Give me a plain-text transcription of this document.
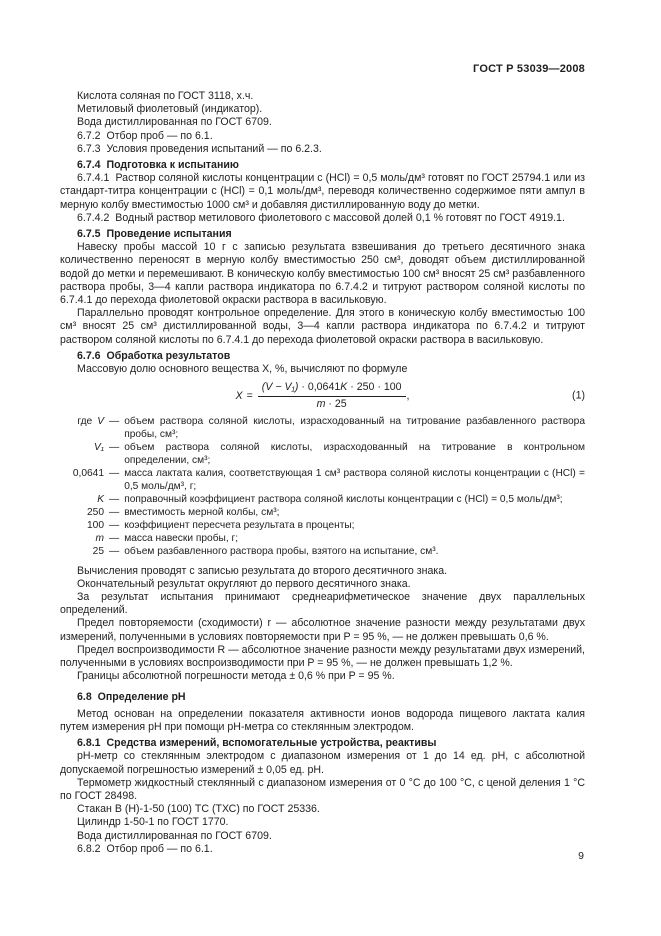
ГОСТ Р 53039—2008

Кислота соляная по ГОСТ 3118, х.ч.

Метиловый фиолетовый (индикатор).

Вода дистиллированная по ГОСТ 6709.

6.7.2  Отбор проб — по 6.1.

6.7.3  Условия проведения испытаний — по 6.2.3.

6.7.4  Подготовка к испытанию

6.7.4.1  Раствор соляной кислоты концентрации c (HCl) = 0,5 моль/дм³ готовят по ГОСТ 25794.1 или из стандарт-титра концентрации c (HCl) = 0,1 моль/дм³, переводя количественно содержимое пяти ампул в мерную колбу вместимостью 1000 см³ и добавляя дистиллированную воду до метки.

6.7.4.2  Водный раствор метилового фиолетового с массовой долей 0,1 % готовят по ГОСТ 4919.1.

6.7.5  Проведение испытания

Навеску пробы массой 10 г с записью результата взвешивания до третьего десятичного знака количественно переносят в мерную колбу вместимостью 250 см³, доводят объем дистиллированной водой до метки и перемешивают. В коническую колбу вместимостью 100 см³ вносят 25 см³ разбавленного раствора пробы, 3—4 капли раствора индикатора по 6.7.4.2 и титруют раствором соляной кислоты по 6.7.4.1 до перехода фиолетовой окраски раствора в васильковую.

Параллельно проводят контрольное определение. Для этого в коническую колбу вместимостью 100 см³ вносят 25 см³ дистиллированной воды, 3—4 капли раствора индикатора по 6.7.4.2 и титруют раствором соляной кислоты по 6.7.4.1 до перехода фиолетовой окраски раствора в васильковую.

6.7.6  Обработка результатов

Массовую долю основного вещества X, %, вычисляют по формуле

$X = \frac{\text{(V − V₁) · 0,0641K · 250 · 100}}{m \cdot 25}$ ,	(1)
где V — объем раствора соляной кислоты, израсходованный на титрование разбавленного раствора пробы, см³;
V₁ — объем раствора соляной кислоты, израсходованный на титрование в контрольном определении, см³;
0,0641 — масса лактата калия, соответствующая 1 см³ раствора соляной кислоты концентрации c (HCl) = 0,5 моль/дм³, г;
K — поправочный коэффициент раствора соляной кислоты концентрации c (HCl) = 0,5 моль/дм³;
250 — вместимость мерной колбы, см³;
100 — коэффициент пересчета результата в проценты;
m — масса навески пробы, г;
25 — объем разбавленного раствора пробы, взятого на испытание, см³.

Вычисления проводят с записью результата до второго десятичного знака.

Окончательный результат округляют до первого десятичного знака.

За результат испытания принимают среднеарифметическое значение двух параллельных определений.

Предел повторяемости (сходимости) r — абсолютное значение разности между результатами двух измерений, полученными в условиях повторяемости при P = 95 %, — не должен превышать 0,6 %.

Предел воспроизводимости R — абсолютное значение разности между результатами двух измерений, полученными в условиях воспроизводимости при P = 95 %, — не должен превышать 1,2 %.

Границы абсолютной погрешности метода ± 0,6 % при P = 95 %.

6.8  Определение pH

Метод основан на определении показателя активности ионов водорода пищевого лактата калия путем измерения pH при помощи pH-метра со стеклянным электродом.

6.8.1  Средства измерений, вспомогательные устройства, реактивы

pH-метр со стеклянным электродом с диапазоном измерения от 1 до 14 ед. pH, с абсолютной допускаемой погрешностью измерений ± 0,05 ед. pH.

Термометр жидкостный стеклянный с диапазоном измерения от 0 °C до 100 °C, с ценой деления 1 °C по ГОСТ 28498.

Стакан В (Н)-1-50 (100) ТС (ТХС) по ГОСТ 25336.

Цилиндр 1-50-1 по ГОСТ 1770.

Вода дистиллированная по ГОСТ 6709.

6.8.2  Отбор проб — по 6.1.

9
